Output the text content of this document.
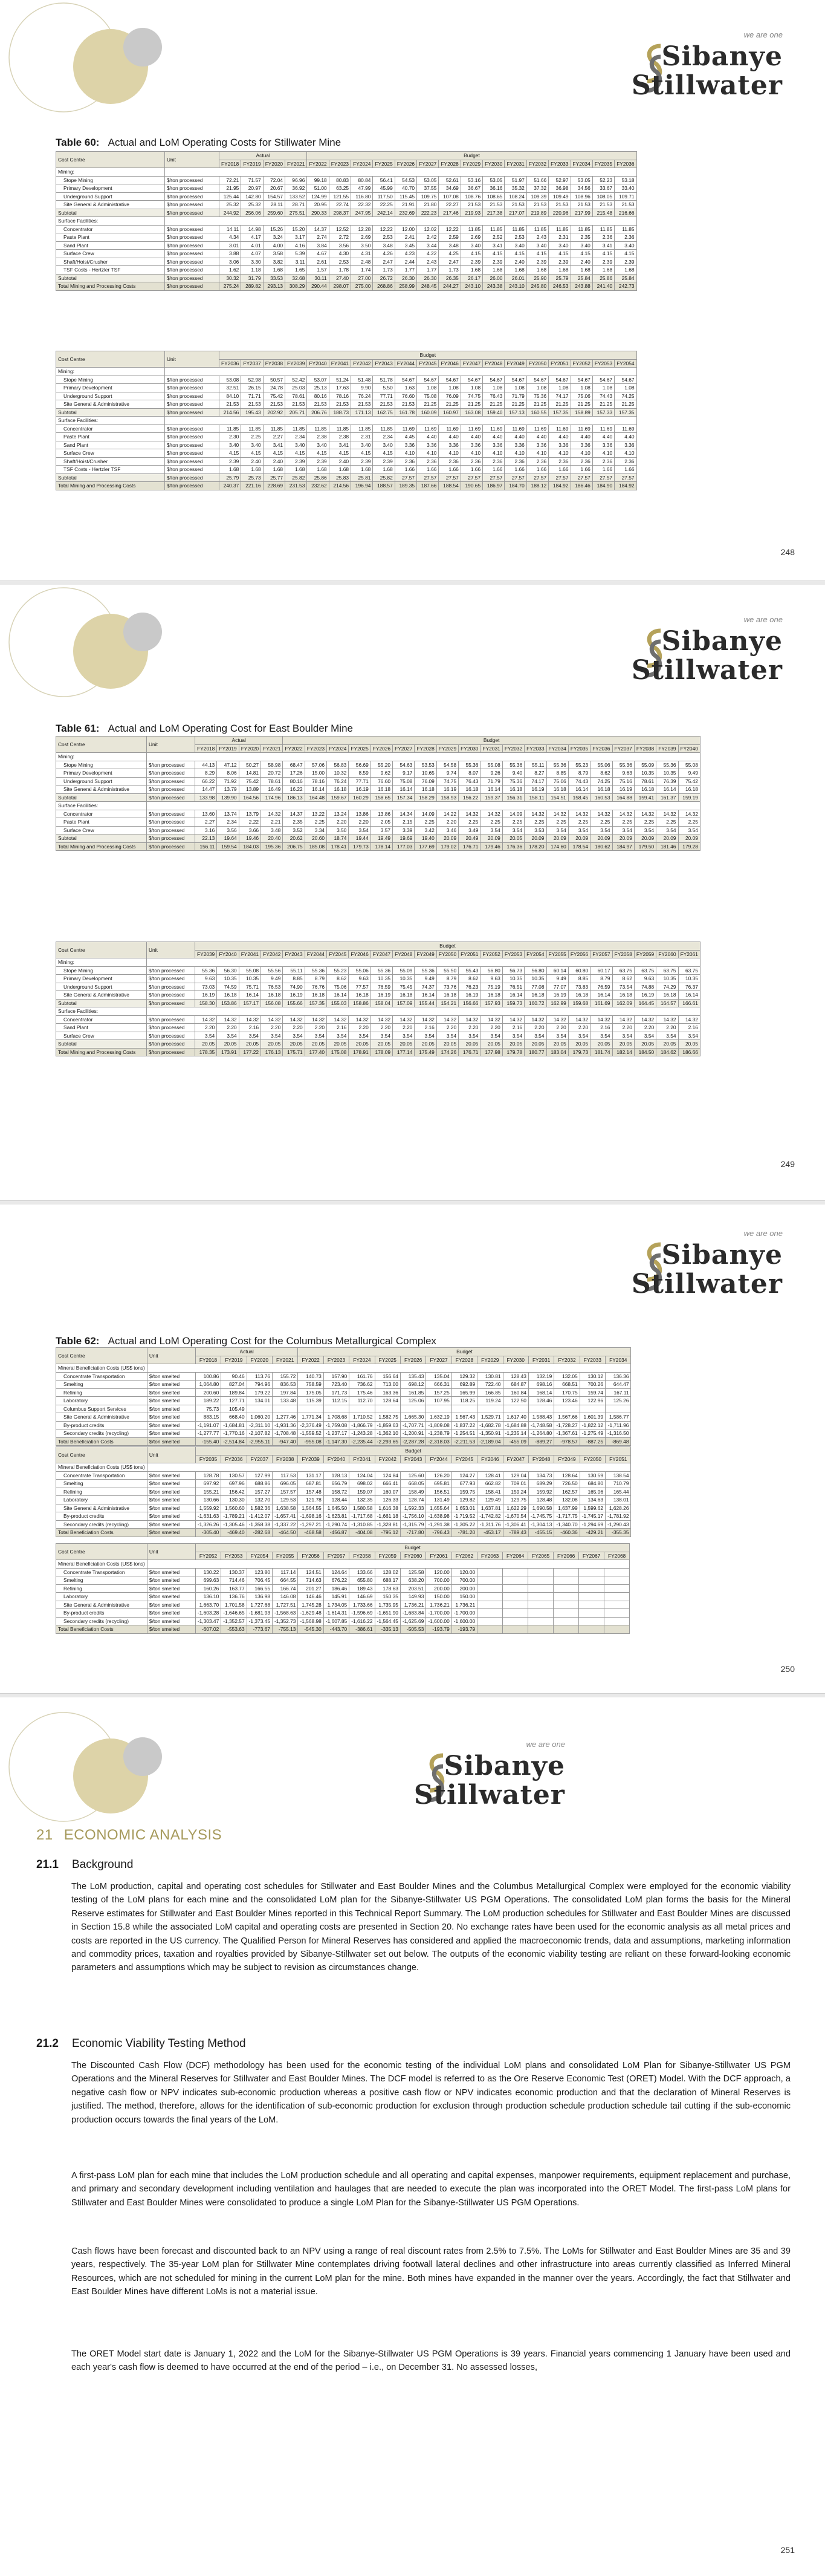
we are one
Sibanye
Stillwater
Table 60: Actual and LoM Operating Costs for Stillwater Mine
Cost Centre	Unit	Actual				Budget														
		FY2018	FY2019	FY2020	FY2021	FY2022	FY2023	FY2024	FY2025	FY2026	FY2027	FY2028	FY2029	FY2030	FY2031	FY2032	FY2033	FY2034	FY2035	FY2036
Mining:																				
Stope Mining	$/ton processed	72.21	71.57	72.04	96.96	99.18	80.83	80.84	56.41	54.53	53.05	52.61	53.16	53.05	51.97	51.66	52.97	53.05	52.23	53.18
Primary Development	$/ton processed	21.95	20.97	20.67	36.92	51.00	63.25	47.99	45.99	40.70	37.55	34.69	36.67	36.16	35.32	37.32	36.98	34.56	33.67	33.40
Underground Support	$/ton processed	125.44	142.80	154.57	133.52	124.99	121.55	116.80	117.50	115.45	109.75	107.08	108.76	108.65	108.24	109.39	109.49	108.96	108.05	109.71
Site General & Administrative	$/ton processed	25.32	25.32	28.11	28.71	20.95	22.74	22.32	22.25	21.91	21.80	22.27	21.53	21.53	21.53	21.53	21.53	21.53	21.53	21.53
Subtotal	$/ton processed	244.92	256.06	259.60	275.51	290.33	298.37	247.95	242.14	232.69	222.23	217.46	219.93	217.38	217.07	219.89	220.96	217.99	215.48	216.66
Surface Facilities:																				
Concentrator	$/ton processed	14.11	14.98	15.26	15.20	14.37	12.52	12.28	12.22	12.00	12.02	12.22	11.85	11.85	11.85	11.85	11.85	11.85	11.85	11.85
Paste Plant	$/ton processed	4.34	4.17	3.24	3.17	2.74	2.72	2.69	2.53	2.41	2.42	2.59	2.69	2.52	2.53	2.43	2.31	2.35	2.36	2.36
Sand Plant	$/ton processed	3.01	4.01	4.00	4.16	3.84	3.56	3.50	3.48	3.45	3.44	3.48	3.40	3.41	3.40	3.40	3.40	3.40	3.41	3.40
Surface Crew	$/ton processed	3.88	4.07	3.58	5.39	4.67	4.30	4.31	4.26	4.23	4.22	4.25	4.15	4.15	4.15	4.15	4.15	4.15	4.15	4.15
Shaft/Hoist/Crusher	$/ton processed	3.06	3.30	3.82	3.11	2.61	2.53	2.48	2.47	2.44	2.43	2.47	2.39	2.39	2.40	2.39	2.39	2.40	2.39	2.39
TSF Costs - Hertzler TSF	$/ton processed	1.62	1.18	1.68	1.65	1.57	1.78	1.74	1.73	1.77	1.77	1.73	1.68	1.68	1.68	1.68	1.68	1.68	1.68	1.68
Subtotal	$/ton processed	30.32	31.79	33.53	32.68	30.11	27.40	27.00	26.72	26.30	26.30	26.35	26.17	26.00	26.01	25.90	25.79	25.84	25.86	25.84
Total Mining and Processing Costs	$/ton processed	275.24	289.82	293.13	308.29	290.44	298.07	275.00	268.86	258.99	248.45	244.27	243.10	243.38	243.10	245.80	246.53	243.88	241.40	242.73
Cost Centre	Unit	Budget																		
		FY2036	FY2037	FY2038	FY2039	FY2040	FY2041	FY2042	FY2043	FY2044	FY2045	FY2046	FY2047	FY2048	FY2049	FY2050	FY2051	FY2052	FY2053	FY2054
Mining:																				
Stope Mining	$/ton processed	53.08	52.98	50.57	52.42	53.07	51.24	51.48	51.78	54.67	54.67	54.67	54.67	54.67	54.67	54.67	54.67	54.67	54.67	54.67
Primary Development	$/ton processed	32.51	26.15	24.78	25.03	25.13	17.63	9.90	5.50	1.63	1.08	1.08	1.08	1.08	1.08	1.08	1.08	1.08	1.08	1.08
Underground Support	$/ton processed	84.10	71.71	75.42	78.61	80.16	78.16	76.24	77.71	76.60	75.08	76.09	74.75	76.43	71.79	75.36	74.17	75.06	74.43	74.25
Site General & Administrative	$/ton processed	21.53	21.53	21.53	21.53	21.53	21.53	21.53	21.53	21.53	21.25	21.25	21.25	21.25	21.25	21.25	21.25	21.25	21.25	21.25
Subtotal	$/ton processed	214.56	195.43	202.92	205.71	206.76	188.73	171.13	162.75	161.78	160.09	160.97	163.08	159.40	157.13	160.55	157.35	158.89	157.33	157.35
Surface Facilities:																				
Concentrator	$/ton processed	11.85	11.85	11.85	11.85	11.85	11.85	11.85	11.85	11.69	11.69	11.69	11.69	11.69	11.69	11.69	11.69	11.69	11.69	11.69
Paste Plant	$/ton processed	2.30	2.25	2.27	2.34	2.38	2.38	2.31	2.34	4.45	4.40	4.40	4.40	4.40	4.40	4.40	4.40	4.40	4.40	4.40
Sand Plant	$/ton processed	3.40	3.40	3.41	3.40	3.40	3.41	3.40	3.40	3.36	3.36	3.36	3.36	3.36	3.36	3.36	3.36	3.36	3.36	3.36
Surface Crew	$/ton processed	4.15	4.15	4.15	4.15	4.15	4.15	4.15	4.15	4.10	4.10	4.10	4.10	4.10	4.10	4.10	4.10	4.10	4.10	4.10
Shaft/Hoist/Crusher	$/ton processed	2.39	2.40	2.40	2.39	2.39	2.40	2.39	2.39	2.36	2.36	2.36	2.36	2.36	2.36	2.36	2.36	2.36	2.36	2.36
TSF Costs - Hertzler TSF	$/ton processed	1.68	1.68	1.68	1.68	1.68	1.68	1.68	1.68	1.66	1.66	1.66	1.66	1.66	1.66	1.66	1.66	1.66	1.66	1.66
Subtotal	$/ton processed	25.79	25.73	25.77	25.82	25.86	25.83	25.81	25.82	27.57	27.57	27.57	27.57	27.57	27.57	27.57	27.57	27.57	27.57	27.57
Total Mining and Processing Costs	$/ton processed	240.37	221.16	228.69	231.53	232.62	214.56	196.94	188.57	189.35	187.66	188.54	190.65	186.97	184.70	188.12	184.92	186.46	184.90	184.92
248
we are one
Sibanye
Stillwater
Table 61: Actual and LoM Operating Cost for East Boulder Mine
Cost Centre	Unit	Actual				Budget																		
		FY2018	FY2019	FY2020	FY2021	FY2022	FY2023	FY2024	FY2025	FY2026	FY2027	FY2028	FY2029	FY2030	FY2031	FY2032	FY2033	FY2034	FY2035	FY2036	FY2037	FY2038	FY2039	FY2040
Mining:																								
Stope Mining	$/ton processed	44.13	47.12	50.27	58.98	68.47	57.06	56.83	56.69	55.20	54.63	53.53	54.58	55.36	55.08	55.36	55.11	55.36	55.23	55.06	55.36	55.09	55.36	55.08
Primary Development	$/ton processed	8.29	8.06	14.81	20.72	17.26	15.00	10.32	8.59	9.62	9.17	10.65	9.74	8.07	9.26	9.40	8.27	8.85	8.79	8.62	9.63	10.35	10.35	9.49
Underground Support	$/ton processed	66.22	71.92	75.42	78.61	80.16	78.16	76.24	77.71	76.60	75.08	76.09	74.75	76.43	71.79	75.36	74.17	75.06	74.43	74.25	75.16	78.61	76.39	75.42
Site General & Administrative	$/ton processed	14.47	13.79	13.89	16.49	16.22	16.14	16.18	16.19	16.18	16.14	16.18	16.19	16.18	16.14	16.18	16.19	16.18	16.14	16.18	16.19	16.18	16.14	16.18
Subtotal	$/ton processed	133.98	139.90	164.56	174.96	186.13	164.48	159.67	160.29	158.65	157.34	158.29	158.93	156.22	159.37	156.31	158.11	154.51	158.45	160.53	164.88	159.41	161.37	159.19
Surface Facilities:																								
Concentrator	$/ton processed	13.60	13.74	13.79	14.32	14.37	13.22	13.24	13.86	13.86	14.34	14.09	14.22	14.32	14.32	14.09	14.32	14.32	14.32	14.32	14.32	14.32	14.32	14.32
Paste Plant	$/ton processed	2.27	2.34	2.22	2.21	2.35	2.25	2.20	2.20	2.05	2.15	2.25	2.20	2.25	2.25	2.25	2.25	2.25	2.25	2.25	2.25	2.25	2.25	2.25
Surface Crew	$/ton processed	3.16	3.56	3.66	3.48	3.52	3.34	3.50	3.54	3.57	3.39	3.42	3.46	3.49	3.54	3.54	3.53	3.54	3.54	3.54	3.54	3.54	3.54	3.54
Subtotal	$/ton processed	22.13	19.64	19.46	20.40	20.62	20.60	18.74	19.44	19.49	19.69	19.40	20.09	20.49	20.09	20.05	20.09	20.09	20.09	20.09	20.09	20.09	20.09	20.09
Total Mining and Processing Costs	$/ton processed	156.11	159.54	184.03	195.36	206.75	185.08	178.41	179.73	178.14	177.03	177.69	179.02	176.71	179.46	176.36	178.20	174.60	178.54	180.62	184.97	179.50	181.46	179.28
Cost Centre	Unit	Budget																						
		FY2039	FY2040	FY2041	FY2042	FY2043	FY2044	FY2045	FY2046	FY2047	FY2048	FY2049	FY2050	FY2051	FY2052	FY2053	FY2054	FY2055	FY2056	FY2057	FY2058	FY2059	FY2060	FY2061
Mining:																								
Stope Mining	$/ton processed	55.36	56.30	55.08	55.56	55.11	55.36	55.23	55.06	55.36	55.09	55.36	55.50	55.43	56.80	56.73	56.80	60.14	60.80	60.17	63.75	63.75	63.75	63.75
Primary Development	$/ton processed	9.63	10.35	10.35	9.49	8.85	8.79	8.62	9.63	10.35	10.35	9.49	8.79	8.62	9.63	10.35	10.35	9.49	8.85	8.79	8.62	9.63	10.35	10.35
Underground Support	$/ton processed	73.03	74.59	75.71	76.53	74.90	76.76	75.06	77.57	76.59	75.45	74.37	73.76	76.23	75.19	76.51	77.08	77.07	73.83	76.59	73.54	74.88	74.29	76.37
Site General & Administrative	$/ton processed	16.19	16.18	16.14	16.18	16.19	16.18	16.14	16.18	16.19	16.18	16.14	16.18	16.19	16.18	16.14	16.18	16.19	16.18	16.14	16.18	16.19	16.18	16.14
Subtotal	$/ton processed	158.30	153.86	157.17	156.08	155.66	157.35	155.03	158.86	158.04	157.09	155.44	154.21	156.66	157.93	159.73	160.72	162.99	159.68	161.69	162.09	164.45	164.57	166.61
Surface Facilities:																								
Concentrator	$/ton processed	14.32	14.32	14.32	14.32	14.32	14.32	14.32	14.32	14.32	14.32	14.32	14.32	14.32	14.32	14.32	14.32	14.32	14.32	14.32	14.32	14.32	14.32	14.32
Sand Plant	$/ton processed	2.20	2.20	2.16	2.20	2.20	2.20	2.16	2.20	2.20	2.20	2.16	2.20	2.20	2.20	2.16	2.20	2.20	2.20	2.16	2.20	2.20	2.20	2.16
Surface Crew	$/ton processed	3.54	3.54	3.54	3.54	3.54	3.54	3.54	3.54	3.54	3.54	3.54	3.54	3.54	3.54	3.54	3.54	3.54	3.54	3.54	3.54	3.54	3.54	3.54
Subtotal	$/ton processed	20.05	20.05	20.05	20.05	20.05	20.05	20.05	20.05	20.05	20.05	20.05	20.05	20.05	20.05	20.05	20.05	20.05	20.05	20.05	20.05	20.05	20.05	20.05
Total Mining and Processing Costs	$/ton processed	178.35	173.91	177.22	176.13	175.71	177.40	175.08	178.91	178.09	177.14	175.49	174.26	176.71	177.98	179.78	180.77	183.04	179.73	181.74	182.14	184.50	184.62	186.66
249
we are one
Sibanye
Stillwater
Table 62: Actual and LoM Operating Cost for the Columbus Metallurgical Complex
Cost Centre	Unit	Actual				Budget												
		FY2018	FY2019	FY2020	FY2021	FY2022	FY2023	FY2024	FY2025	FY2026	FY2027	FY2028	FY2029	FY2030	FY2031	FY2032	FY2033	FY2034
Mineral Beneficiation Costs (US$ tons)																		
Concentrate Transportation	$/ton smelted	100.86	90.46	113.76	155.72	140.73	157.90	161.76	156.64	135.43	135.04	129.32	130.81	128.43	132.19	132.05	130.12	136.36
Smelting	$/ton smelted	1,064.80	827.04	794.96	836.53	758.59	723.40	736.62	713.00	698.12	666.31	692.89	722.40	684.87	698.16	668.51	700.26	644.47
Refining	$/ton smelted	200.60	189.84	179.22	197.84	175.05	171.73	175.46	163.36	161.85	157.25	165.99	166.85	160.84	168.14	170.75	159.74	167.11
Laboratory	$/ton smelted	189.22	127.71	134.01	133.48	115.39	112.15	112.70	128.64	125.06	107.95	118.25	119.24	122.50	128.46	123.46	122.96	125.26
Columbus Support Services	$/ton smelted	75.73	105.49															
Site General & Administrative	$/ton smelted	883.15	668.40	1,060.20	1,277.46	1,771.34	1,708.68	1,710.52	1,582.75	1,665.30	1,632.19	1,567.43	1,529.71	1,617.40	1,588.43	1,567.66	1,601.39	1,586.77
By-product credits	$/ton smelted	-1,191.07	-1,684.81	-2,311.10	-1,931.36	-2,376.49	-1,759.08	-1,866.79	-1,859.63	-1,707.71	-1,809.08	-1,837.22	-1,682.78	-1,684.88	-1,748.58	-1,728.27	-1,822.12	-1,711.96
Secondary credits (recycling)	$/ton smelted	-1,277.77	-1,770.16	-2,107.82	-1,708.48	-1,559.52	-1,237.17	-1,243.28	-1,362.10	-1,200.91	-1,238.79	-1,254.51	-1,350.91	-1,235.14	-1,264.80	-1,367.61	-1,275.49	-1,316.50
Total Beneficiation Costs	$/ton smelted	-155.40	-2,514.84	-2,955.11	-947.40	-955.08	-1,147.30	-2,235.44	-2,293.65	-2,287.28	-2,318.03	-2,211.53	-2,189.04	-455.09	-889.27	-978.57	-887.25	-869.48
Cost Centre	Unit	Budget																
		FY2035	FY2036	FY2037	FY2038	FY2039	FY2040	FY2041	FY2042	FY2043	FY2044	FY2045	FY2046	FY2047	FY2048	FY2049	FY2050	FY2051
Mineral Beneficiation Costs (US$ tons)																		
Concentrate Transportation	$/ton smelted	128.78	130.57	127.99	117.53	131.17	128.13	124.04	124.84	125.60	126.20	124.27	128.41	129.04	134.73	128.64	130.59	138.54
Smelting	$/ton smelted	697.92	697.96	688.86	696.05	687.81	656.79	698.02	666.41	668.05	695.81	677.93	662.82	709.01	689.29	726.50	684.80	710.79
Refining	$/ton smelted	155.21	156.42	157.27	157.57	157.48	158.72	159.07	160.07	158.49	156.51	159.75	158.41	159.24	159.92	162.57	165.06	165.44
Laboratory	$/ton smelted	130.66	130.30	132.70	129.53	121.78	128.44	132.35	126.33	128.74	131.49	129.82	129.49	129.75	128.48	132.08	134.63	138.01
Site General & Administrative	$/ton smelted	1,559.92	1,560.60	1,582.36	1,638.58	1,564.55	1,645.50	1,580.58	1,616.38	1,592.33	1,655.64	1,653.01	1,637.81	1,622.29	1,690.58	1,637.99	1,599.62	1,628.26
By-product credits	$/ton smelted	-1,631.63	-1,789.21	-1,412.07	-1,657.41	-1,698.16	-1,623.81	-1,717.68	-1,661.18	-1,756.10	-1,638.98	-1,719.52	-1,742.82	-1,670.54	-1,745.75	-1,717.75	-1,745.17	-1,781.92
Secondary credits (recycling)	$/ton smelted	-1,326.26	-1,305.46	-1,358.38	-1,337.22	-1,297.21	-1,290.74	-1,310.85	-1,328.81	-1,315.79	-1,291.38	-1,305.22	-1,311.76	-1,306.41	-1,304.13	-1,340.70	-1,294.69	-1,290.43
Total Beneficiation Costs	$/ton smelted	-305.40	-469.40	-282.68	-464.50	-468.58	-456.87	-404.08	-795.12	-717.80	-796.43	-781.20	-453.17	-789.43	-455.15	-460.36	-429.21	-355.35
Cost Centre	Unit	Budget																
		FY2052	FY2053	FY2054	FY2055	FY2056	FY2057	FY2058	FY2059	FY2060	FY2061	FY2062	FY2063	FY2064	FY2065	FY2066	FY2067	FY2068
Mineral Beneficiation Costs (US$ tons)																		
Concentrate Transportation	$/ton smelted	130.22	130.37	123.80	117.14	124.51	124.64	133.66	128.02	125.58	120.00	120.00						
Smelting	$/ton smelted	699.63	714.46	706.45	664.55	714.63	676.22	655.80	688.17	638.20	700.00	700.00						
Refining	$/ton smelted	160.26	163.77	166.55	166.74	201.27	186.46	189.43	178.63	203.51	200.00	200.00						
Laboratory	$/ton smelted	136.10	136.76	136.98	146.08	146.46	145.91	146.69	150.35	149.93	150.00	150.00						
Site General & Administrative	$/ton smelted	1,663.70	1,701.58	1,727.68	1,727.51	1,745.28	1,734.05	1,733.66	1,735.95	1,736.21	1,736.21	1,736.21						
By-product credits	$/ton smelted	-1,603.28	-1,646.65	-1,681.93	-1,568.63	-1,629.48	-1,614.31	-1,596.69	-1,651.90	-1,683.84	-1,700.00	-1,700.00						
Secondary credits (recycling)	$/ton smelted	-1,303.47	-1,352.57	-1,373.45	-1,352.73	-1,568.98	-1,607.85	-1,616.22	-1,564.45	-1,625.69	-1,600.00	-1,600.00						
Total Beneficiation Costs	$/ton smelted	-607.02	-553.63	-773.67	-755.13	-545.30	-443.70	-386.61	-335.13	-505.53	-193.79	-193.79						
250
we are one
Sibanye
Stillwater
21 ECONOMIC ANALYSIS
21.1 Background
The LoM production, capital and operating cost schedules for Stillwater and East Boulder Mines and the Columbus Metallurgical Complex were employed for the economic viability testing of the LoM plans for each mine and the consolidated LoM plan for the Sibanye-Stillwater US PGM Operations. The consolidated LoM plan forms the basis for the Mineral Reserve estimates for Stillwater and East Boulder Mines reported in this Technical Report Summary. The LoM production schedules for Stillwater and East Boulder Mines are discussed in Section 15.8 while the associated LoM capital and operating costs are presented in Section 20. No exchange rates have been used for the economic analysis as all metal prices and costs are reported in the US currency. The Qualified Person for Mineral Reserves has considered and applied the macroeconomic trends, data and assumptions, marketing information and commodity prices, taxation and royalties provided by Sibanye-Stillwater set out below. The outputs of the economic viability testing are reliant on these forward-looking economic parameters and assumptions which may be subject to revision as circumstances change.
21.2 Economic Viability Testing Method
The Discounted Cash Flow (DCF) methodology has been used for the economic testing of the individual LoM plans and consolidated LoM Plan for Sibanye-Stillwater US PGM Operations and the Mineral Reserves for Stillwater and East Boulder Mines. The DCF model is referred to as the Ore Reserve Economic Test (ORET) Model. With the DCF approach, a negative cash flow or NPV indicates sub-economic production whereas a positive cash flow or NPV indicates economic production and that the declaration of Mineral Reserves is justified. The method, therefore, allows for the identification of sub-economic production for exclusion through production schedule production schedule tail cutting if the sub-economic production occurs towards the final years of the LoM.
A first-pass LoM plan for each mine that includes the LoM production schedule and all operating and capital expenses, manpower requirements, equipment replacement and purchase, and primary and secondary development including ventilation and haulages that are needed to execute the plan was incorporated into the ORET Model. The first-pass LoM plans for Stillwater and East Boulder Mines were consolidated to produce a single LoM Plan for the Sibanye-Stillwater US PGM Operations.
Cash flows have been forecast and discounted back to an NPV using a range of real discount rates from 2.5% to 7.5%. The LoMs for Stillwater and East Boulder Mines are 35 and 39 years, respectively. The 35-year LoM plan for Stillwater Mine contemplates driving footwall lateral declines and other infrastructure into areas currently classified as Inferred Mineral Resources, which are not scheduled for mining in the current LoM plan for the mine. Both mines have expanded in the manner over the years. Accordingly, the fact that Stillwater and East Boulder Mines have different LoMs is not a material issue.
The ORET Model start date is January 1, 2022 and the LoM for the Sibanye-Stillwater US PGM Operations is 39 years. Financial years commencing 1 January have been used and each year's cash flow is deemed to have occurred at the end of the period – i.e., on December 31. No assessed losses,
251
